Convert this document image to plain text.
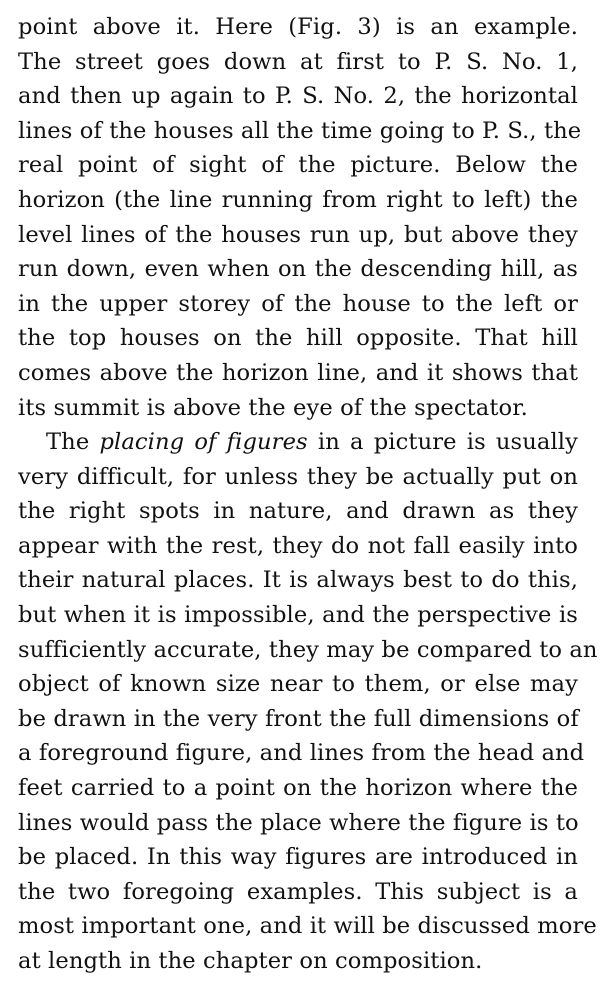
point above it. Here (Fig. 3) is an example.
The street goes down at first to P. S. No. 1,
and then up again to P. S. No. 2, the horizontal
lines of the houses all the time going to P. S., the
real point of sight of the picture. Below the
horizon (the line running from right to left) the
level lines of the houses run up, but above they
run down, even when on the descending hill, as
in the upper storey of the house to the left or
the top houses on the hill opposite. That hill
comes above the horizon line, and it shows that
its summit is above the eye of the spectator.
The placing of figures in a picture is usually
very difficult, for unless they be actually put on
the right spots in nature, and drawn as they
appear with the rest, they do not fall easily into
their natural places. It is always best to do this,
but when it is impossible, and the perspective is
sufficiently accurate, they may be compared to an
object of known size near to them, or else may
be drawn in the very front the full dimensions of
a foreground figure, and lines from the head and
feet carried to a point on the horizon where the
lines would pass the place where the figure is to
be placed. In this way figures are introduced in
the two foregoing examples. This subject is a
most important one, and it will be discussed more
at length in the chapter on composition.
